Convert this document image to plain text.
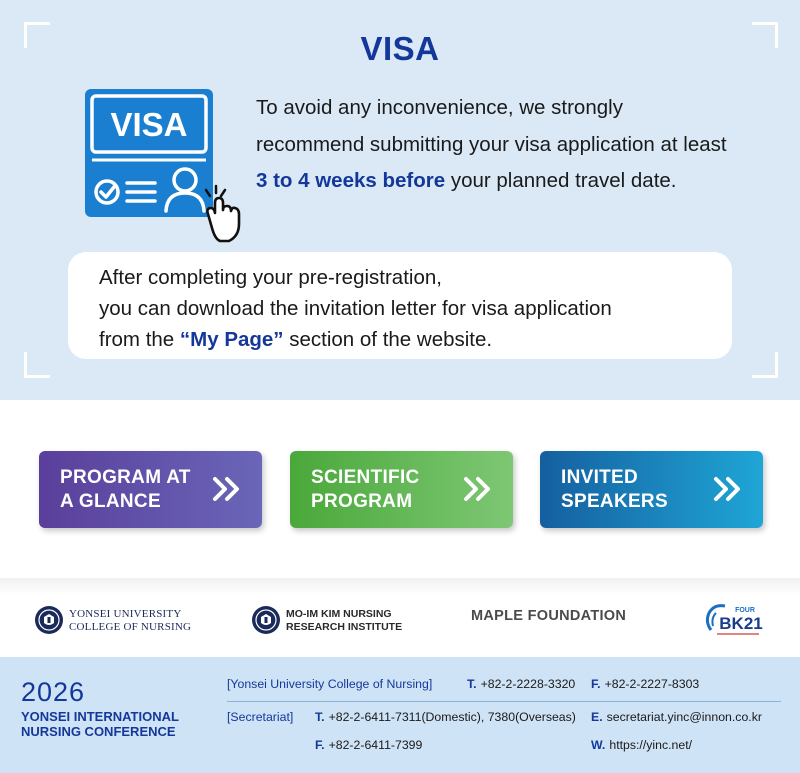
VISA
VISA	To avoid any inconvenience, we strongly recommend submitting your visa application at least 3 to 4 weeks before your planned travel date.

After completing your pre-registration,
you can download the invitation letter for visa application
from the “My Page” section of the website.
PROGRAM AT
A GLANCE
SCIENTIFIC
PROGRAM
INVITED
SPEAKERS
YONSEI UNIVERSITY
COLLEGE OF NURSING
MO-IM KIM NURSING
RESEARCH INSTITUTE
MAPLE FOUNDATION	FOUR
BK21
2026
YONSEI INTERNATIONAL
NURSING CONFERENCE
[Yonsei University College of Nursing]	T. +82-2-2228-3320 F. +82-2-2227-8303
[Secretariat] T. +82-2-6411-7311(Domestic), 7380(Overseas) E. secretariat.yinc@innon.co.kr
F. +82-2-6411-7399	W. https://yinc.net/
